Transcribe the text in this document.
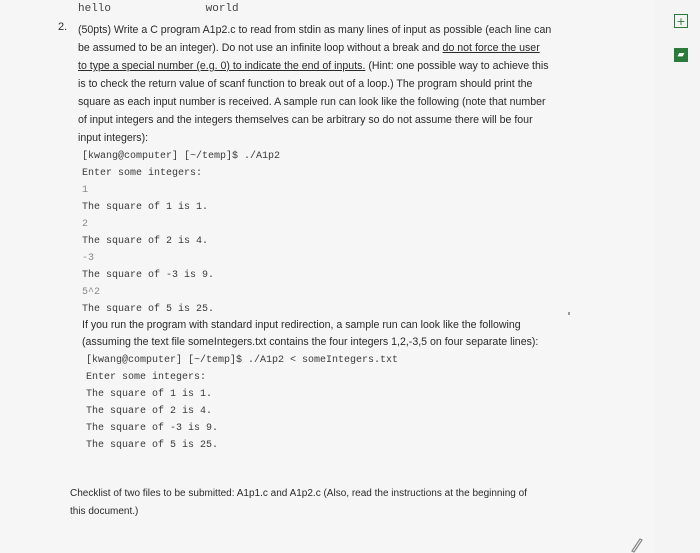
hello	world
2. (50pts) Write a C program A1p2.c to read from stdin as many lines of input as possible (each line can
be assumed to be an integer). Do not use an infinite loop without a break and do not force the user
to type a special number (e.g. 0) to indicate the end of inputs. (Hint: one possible way to achieve this
is to check the return value of scanf function to break out of a loop.) The program should print the
square as each input number is received. A sample run can look like the following (note that number
of input integers and the integers themselves can be arbitrary so do not assume there will be four
input integers):
[kwang@computer] [~/temp]$ ./A1p2
Enter some integers:
1
The square of 1 is 1.
2
The square of 2 is 4.
-3
The square of -3 is 9.
5^2
The square of 5 is 25.
If you run the program with standard input redirection, a sample run can look like the following
(assuming the text file someIntegers.txt contains the four integers 1,2,-3,5 on four separate lines):
[kwang@computer] [~/temp]$ ./A1p2 < someIntegers.txt
Enter some integers:
The square of 1 is 1.
The square of 2 is 4.
The square of -3 is 9.
The square of 5 is 25.
Checklist of two files to be submitted: A1p1.c and A1p2.c (Also, read the instructions at the beginning of
this document.)
+
▰
